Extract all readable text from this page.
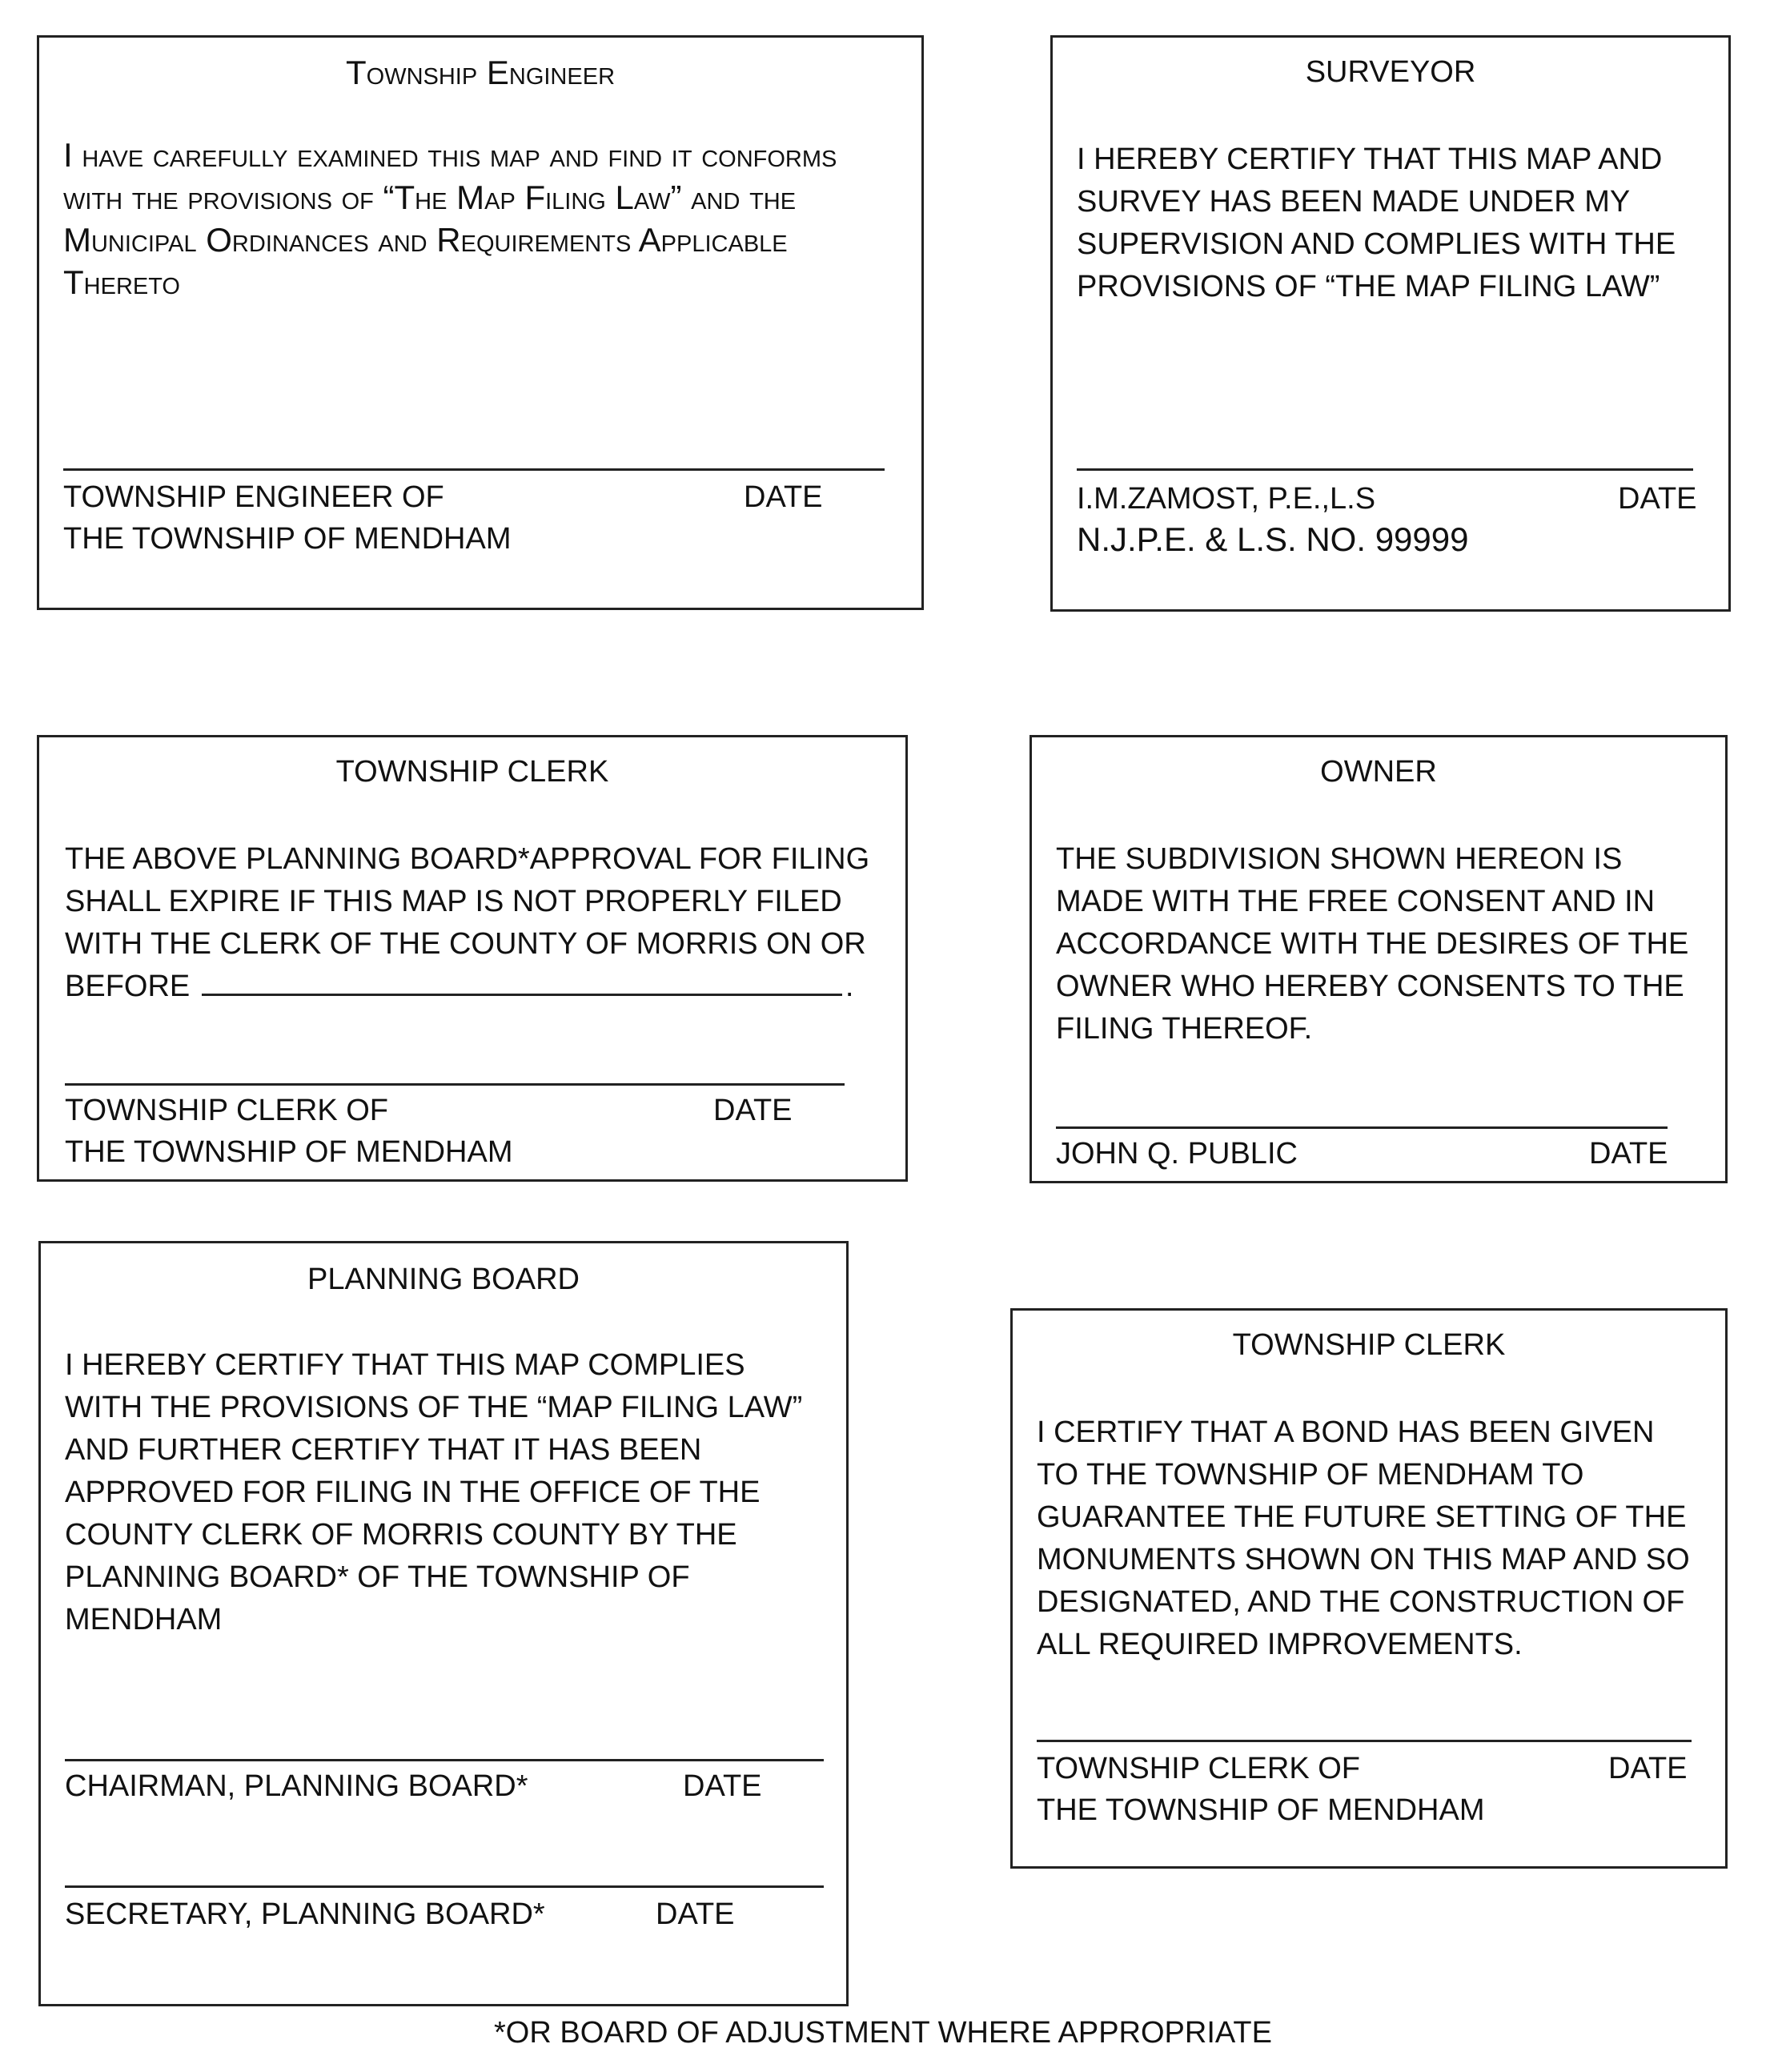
Township Engineer
I have carefully examined this map and find it conforms with the provisions of “The Map Filing Law” and the Municipal Ordinances and Requirements Applicable Thereto
TOWNSHIP ENGINEER OF
THE TOWNSHIP OF MENDHAM
DATE
SURVEYOR
I HEREBY CERTIFY THAT THIS MAP AND
SURVEY HAS BEEN MADE UNDER MY
SUPERVISION AND COMPLIES WITH THE
PROVISIONS OF “THE MAP FILING LAW”
I.M.ZAMOST, P.E.,L.S
N.J.P.E. & L.S. NO. 99999
DATE
TOWNSHIP CLERK
THE ABOVE PLANNING BOARD*APPROVAL FOR FILING
SHALL EXPIRE IF THIS MAP IS NOT PROPERLY FILED
WITH THE CLERK OF THE COUNTY OF MORRIS ON OR
BEFORE	.
TOWNSHIP CLERK OF
THE TOWNSHIP OF MENDHAM
DATE
OWNER
THE SUBDIVISION SHOWN HEREON IS
MADE WITH THE FREE CONSENT AND IN
ACCORDANCE WITH THE DESIRES OF THE
OWNER WHO HEREBY CONSENTS TO THE
FILING THEREOF.
JOHN Q. PUBLIC	DATE
PLANNING BOARD
I HEREBY CERTIFY THAT THIS MAP COMPLIES
WITH THE PROVISIONS OF THE “MAP FILING LAW”
AND FURTHER CERTIFY THAT IT HAS BEEN
APPROVED FOR FILING IN THE OFFICE OF THE
COUNTY CLERK OF MORRIS COUNTY BY THE
PLANNING BOARD* OF THE TOWNSHIP OF
MENDHAM
CHAIRMAN, PLANNING BOARD*	DATE
SECRETARY, PLANNING BOARD*	DATE
TOWNSHIP CLERK
I CERTIFY THAT A BOND HAS BEEN GIVEN
TO THE TOWNSHIP OF MENDHAM TO
GUARANTEE THE FUTURE SETTING OF THE
MONUMENTS SHOWN ON THIS MAP AND SO
DESIGNATED, AND THE CONSTRUCTION OF
ALL REQUIRED IMPROVEMENTS.
TOWNSHIP CLERK OF
THE TOWNSHIP OF MENDHAM
DATE
*OR BOARD OF ADJUSTMENT WHERE APPROPRIATE
